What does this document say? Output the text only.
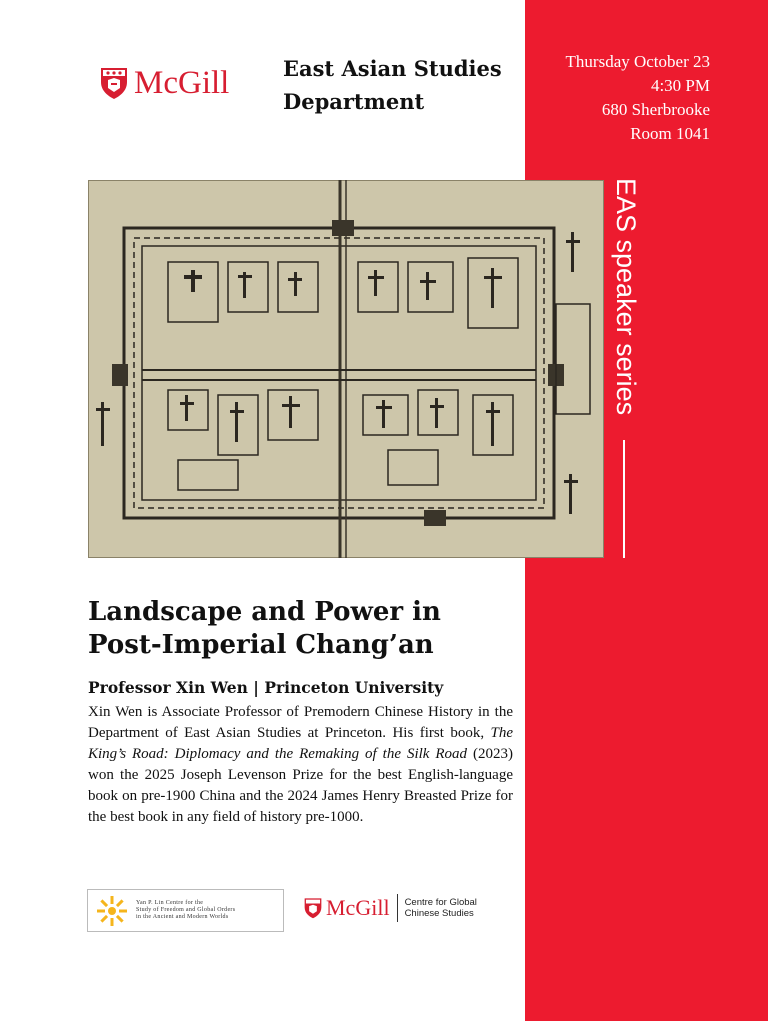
Thursday October 23
4:30 PM
680 Sherbrooke
Room 1041
EAS speaker series
McGill	East Asian Studies
Department
Landscape and Power in
Post-Imperial Chang’an

Professor Xin Wen | Princeton University

Xin Wen is Associate Professor of Premodern Chinese History in the Department of East Asian Studies at Princeton. His first book, The King’s Road: Diplomacy and the Remaking of the Silk Road (2023) won the 2025 Joseph Levenson Prize for the best English-language book on pre-1900 China and the 2024 James Henry Breasted Prize for the best book in any field of history pre-1000.

Yan P. Lin Centre for the
Study of Freedom and Global Orders
in the Ancient and Modern Worlds	McGill Centre for Global
Chinese Studies
